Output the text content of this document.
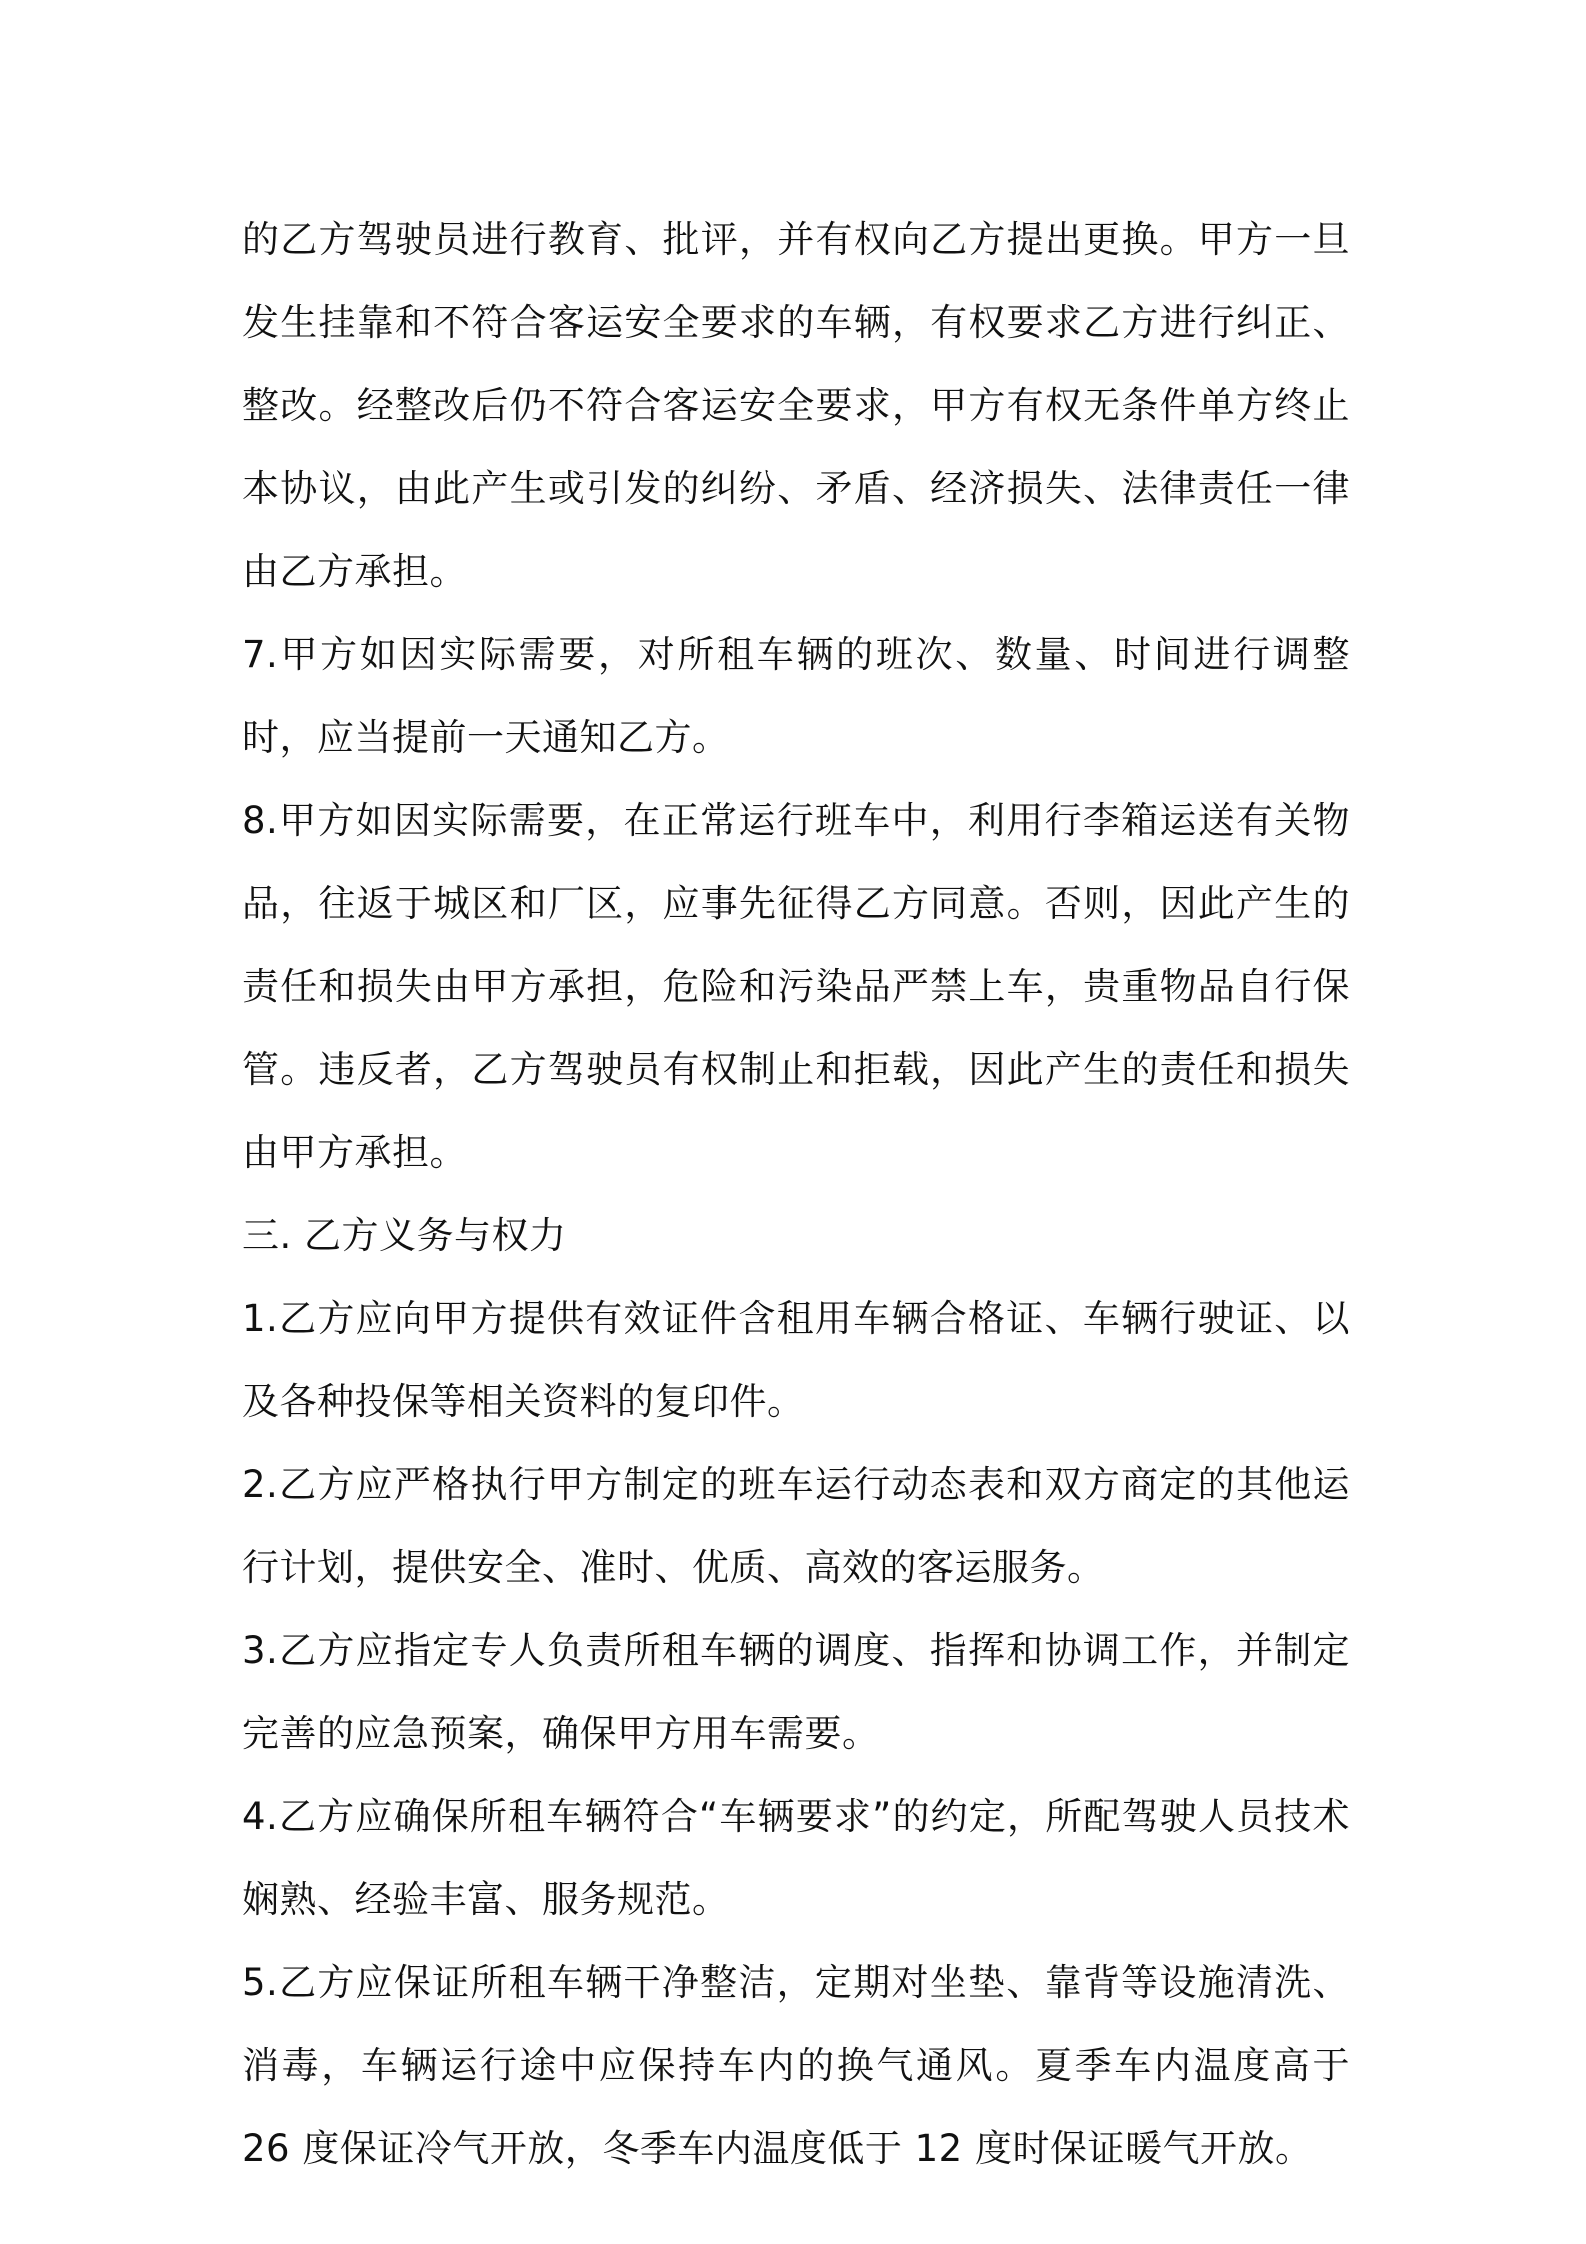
的乙方驾驶员进行教育、批评，并有权向乙方提出更换。甲方一旦发生挂靠和不符合客运安全要求的车辆，有权要求乙方进行纠正、整改。经整改后仍不符合客运安全要求，甲方有权无条件单方终止本协议，由此产生或引发的纠纷、矛盾、经济损失、法律责任一律由乙方承担。

7.甲方如因实际需要，对所租车辆的班次、数量、时间进行调整时，应当提前一天通知乙方。

8.甲方如因实际需要，在正常运行班车中，利用行李箱运送有关物品，往返于城区和厂区，应事先征得乙方同意。否则，因此产生的责任和损失由甲方承担，危险和污染品严禁上车，贵重物品自行保管。违反者，乙方驾驶员有权制止和拒载，因此产生的责任和损失由甲方承担。

三. 乙方义务与权力

1.乙方应向甲方提供有效证件含租用车辆合格证、车辆行驶证、以及各种投保等相关资料的复印件。

2.乙方应严格执行甲方制定的班车运行动态表和双方商定的其他运行计划，提供安全、准时、优质、高效的客运服务。

3.乙方应指定专人负责所租车辆的调度、指挥和协调工作，并制定完善的应急预案，确保甲方用车需要。

4.乙方应确保所租车辆符合“车辆要求”的约定，所配驾驶人员技术娴熟、经验丰富、服务规范。

5.乙方应保证所租车辆干净整洁，定期对坐垫、靠背等设施清洗、消毒，车辆运行途中应保持车内的换气通风。夏季车内温度高于 26 度保证冷气开放，冬季车内温度低于 12 度时保证暖气开放。
